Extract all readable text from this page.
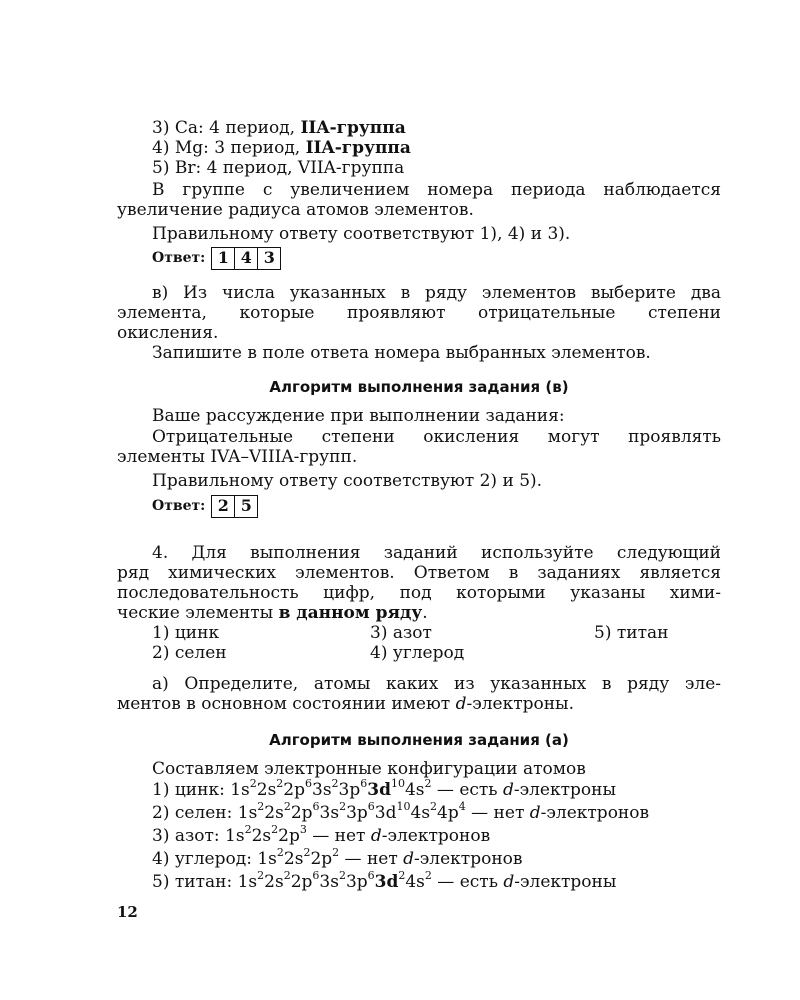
3) Ca: 4 период, IIA-группа
4) Mg: 3 период, IIA-группа
5) Br: 4 период, VIIA-группа
В группе с увеличением номера периода наблюдается
увеличение радиуса атомов элементов.
Правильному ответу соответствуют 1), 4) и 3).
Ответ: 1 4 3
в) Из числа указанных в ряду элементов выберите два
элемента, которые проявляют отрицательные степени
окисления.
Запишите в поле ответа номера выбранных элементов.
Алгоритм выполнения задания (в)
Ваше рассуждение при выполнении задания:
Отрицательные степени окисления могут проявлять
элементы IVA–VIIIA-групп.
Правильному ответу соответствуют 2) и 5).
Ответ: 2 5
4. Для выполнения заданий используйте следующий
ряд химических элементов. Ответом в заданиях является
последовательность цифр, под которыми указаны хими-
ческие элементы в данном ряду.
1) цинк	3) азот	5) титан
2) селен	4) углерод
а) Определите, атомы каких из указанных в ряду эле-
ментов в основном состоянии имеют d-электроны.
Алгоритм выполнения задания (а)
Составляем электронные конфигурации атомов
1) цинк: $1s^22s^22p^63s^23p^63d^{10}4s^2$ — есть d-электроны
2) селен: $1s^22s^22p^63s^23p^63d^{10}4s^24p^4$ — нет d-электронов
3) азот: $1s^22s^22p^3$ — нет d-электронов
4) углерод: $1s^22s^22p^2$ — нет d-электронов
5) титан: $1s^22s^22p^63s^23p^63d^24s^2$ — есть d-электроны
12
